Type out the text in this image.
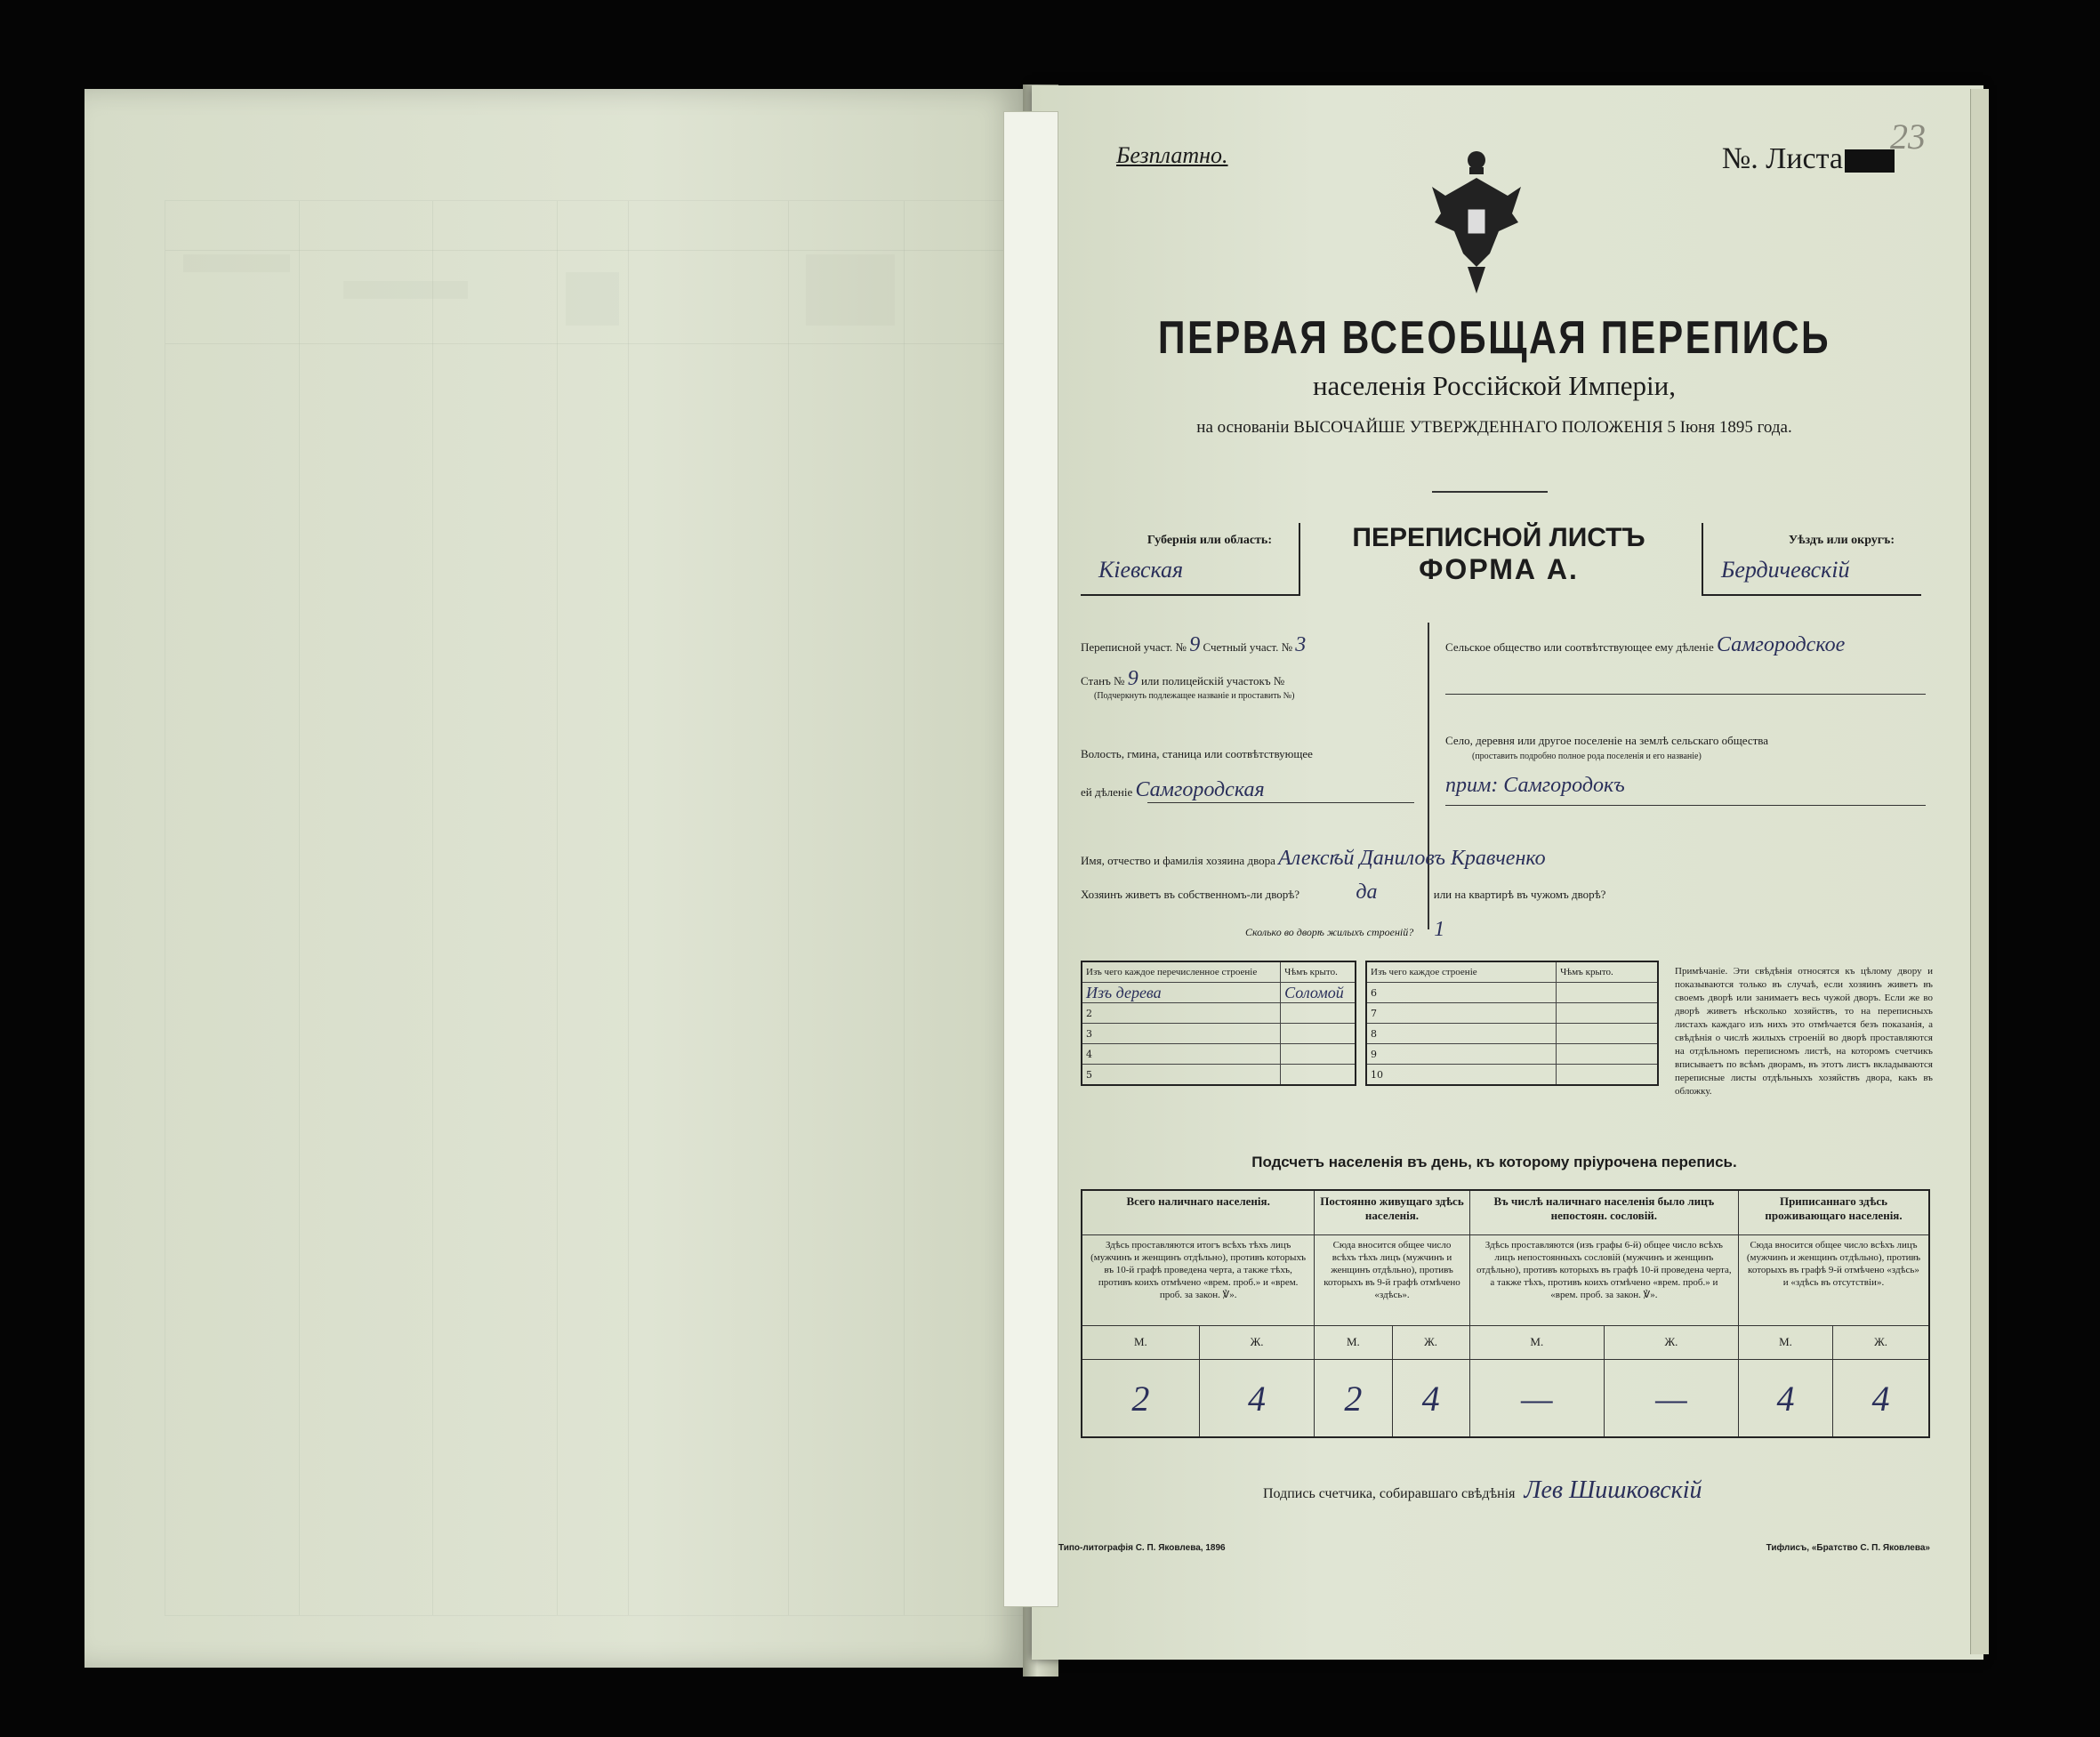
Безплатно.	№. Листа
23
ПЕРВАЯ ВСЕОБЩАЯ ПЕРЕПИСЬ
населенія Россійской Имперіи,
на основаніи ВЫСОЧАЙШЕ УТВЕРЖДЕННАГО ПОЛОЖЕНІЯ 5 Іюня 1895 года.
Губернія или область:
Кіевская
ПЕРЕПИСНОЙ ЛИСТЪ
ФОРМА А.
Уѣздъ или округъ:
Бердичевскій
Переписной участ. № 9 Счетный участ. № 3
Станъ № 9 или полицейскій участокъ №
(Подчеркнуть подлежащее названіе и проставить №)
Волость, гмина, станица или соотвѣтствующее
ей дѣленіе Самгородская
Сельское общество или соотвѣтствующее ему дѣленіе Самгородское
Село, деревня или другое поселеніе на землѣ сельскаго общества
(проставить подробно полное рода поселенія и его названіе)
прим: Самгородокъ
Имя, отчество и фамилія хозяина двора Алексѣй Даниловъ Кравченко
Хозяинъ живетъ въ собственномъ-ли дворѣ?	да	или на квартирѣ въ чужомъ дворѣ?
Сколько во дворѣ жилыхъ строеній? 1
Изъ чего каждое перечисленное строеніе	Чѣмъ крыто.
Изъ дерева	Соломой
2	
3	
4	
5	
Изъ чего каждое строеніе	Чѣмъ крыто.
6	
7	
8	
9	
10	
Примѣчаніе. Эти свѣдѣнія относятся къ цѣлому двору и показываются только въ случаѣ, если хозяинъ живетъ въ своемъ дворѣ или занимаетъ весь чужой дворъ. Если же во дворѣ живетъ нѣсколько хозяйствъ, то на переписныхъ листахъ каждаго изъ нихъ это отмѣчается безъ показанія, а свѣдѣнія о числѣ жилыхъ строеній во дворѣ проставляются на отдѣльномъ переписномъ листѣ, на которомъ счетчикъ вписываетъ по всѣмъ дворамъ, въ этотъ листъ вкладываются переписные листы отдѣльныхъ хозяйствъ двора, какъ въ обложку.
Подсчетъ населенія въ день, къ которому пріурочена перепись.
Всего наличнаго населенія.		Постоянно живущаго здѣсь населенія.		Въ числѣ наличнаго населенія было лицъ непостоян. сословій.		Приписаннаго здѣсь проживающаго населенія.	
Здѣсь проставляются итогъ всѣхъ тѣхъ лицъ (мужчинъ и женщинъ отдѣльно), противъ которыхъ въ 10-й графѣ проведена черта, а также тѣхъ, противъ коихъ отмѣчено «врем. проб.» и «врем. проб. за закон. ℣».		Сюда вносится общее число всѣхъ тѣхъ лицъ (мужчинъ и женщинъ отдѣльно), противъ которыхъ въ 9-й графѣ отмѣчено «здѣсь».		Здѣсь проставляются (изъ графы 6-й) общее число всѣхъ лицъ непостоянныхъ сословій (мужчинъ и женщинъ отдѣльно), противъ которыхъ въ графѣ 10-й проведена черта, а также тѣхъ, противъ коихъ отмѣчено «врем. проб.» и «врем. проб. за закон. ℣».		Сюда вносится общее число всѣхъ лицъ (мужчинъ и женщинъ отдѣльно), противъ которыхъ въ графѣ 9-й отмѣчено «здѣсь» и «здѣсь въ отсутствіи».	
М.	Ж.	М.	Ж.	М.	Ж.	М.	Ж.
2	4	2	4	—	—	4	4
Подпись счетчика, собиравшаго свѣдѣнія Лев Шишковскій
Типо-литографія С. П. Яковлева, 1896	Тифлисъ, «Братство С. П. Яковлева»
